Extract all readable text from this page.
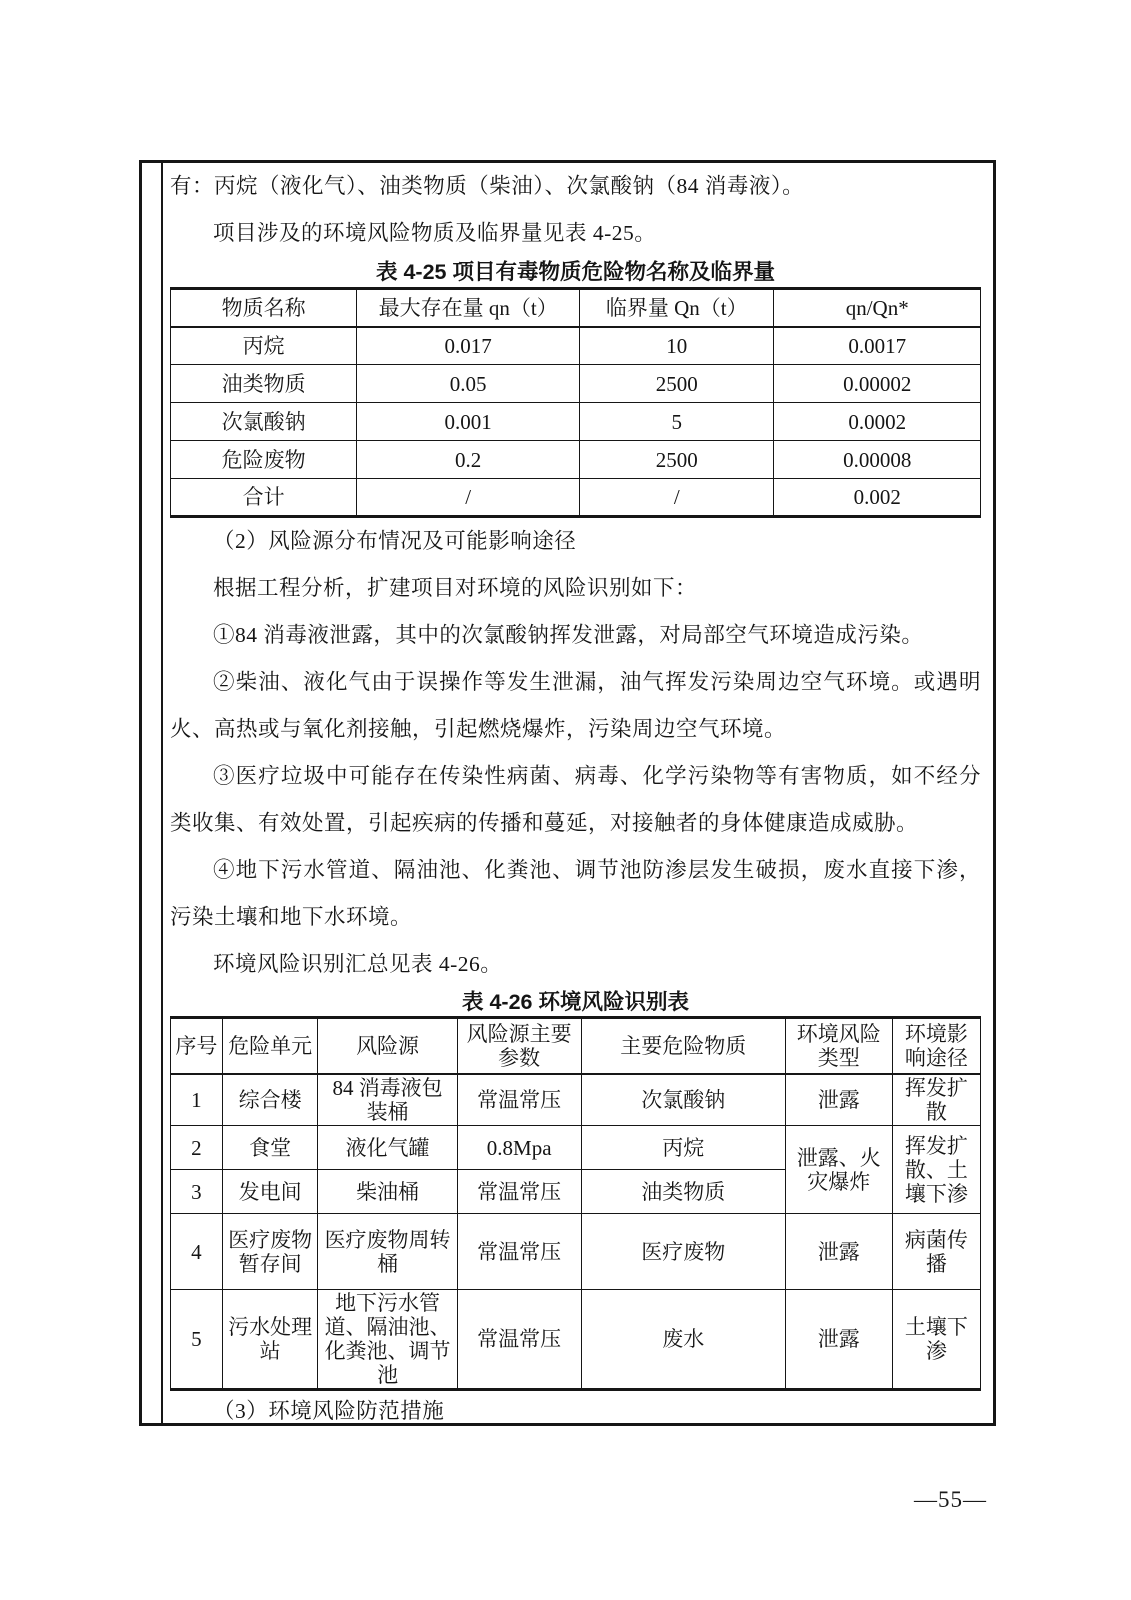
有：丙烷（液化气）、油类物质（柴油）、次氯酸钠（84 消毒液）。

项目涉及的环境风险物质及临界量见表 4-25。

表 4-25 项目有毒物质危险物名称及临界量
物质名称	最大存在量 qn（t）	临界量 Qn（t）	qn/Qn*
丙烷	0.017	10	0.0017
油类物质	0.05	2500	0.00002
次氯酸钠	0.001	5	0.0002
危险废物	0.2	2500	0.00008
合计	/	/	0.002

（2）风险源分布情况及可能影响途径

根据工程分析，扩建项目对环境的风险识别如下：

①84 消毒液泄露，其中的次氯酸钠挥发泄露，对局部空气环境造成污染。

②柴油、液化气由于误操作等发生泄漏，油气挥发污染周边空气环境。或遇明火、高热或与氧化剂接触，引起燃烧爆炸，污染周边空气环境。

③医疗垃圾中可能存在传染性病菌、病毒、化学污染物等有害物质，如不经分类收集、有效处置，引起疾病的传播和蔓延，对接触者的身体健康造成威胁。

④地下污水管道、隔油池、化粪池、调节池防渗层发生破损，废水直接下渗，污染土壤和地下水环境。

环境风险识别汇总见表 4-26。

表 4-26 环境风险识别表
序号	危险单元	风险源	风险源主要参数	主要危险物质	环境风险类型	环境影响途径
1	综合楼	84 消毒液包装桶	常温常压	次氯酸钠	泄露	挥发扩散
2	食堂	液化气罐	0.8Mpa	丙烷	泄露、火灾爆炸	挥发扩散、土壤下渗
3	发电间	柴油桶	常温常压	油类物质		
4	医疗废物暂存间	医疗废物周转桶	常温常压	医疗废物	泄露	病菌传播
5	污水处理站	地下污水管道、隔油池、化粪池、调节池	常温常压	废水	泄露	土壤下渗

（3）环境风险防范措施

—55—
